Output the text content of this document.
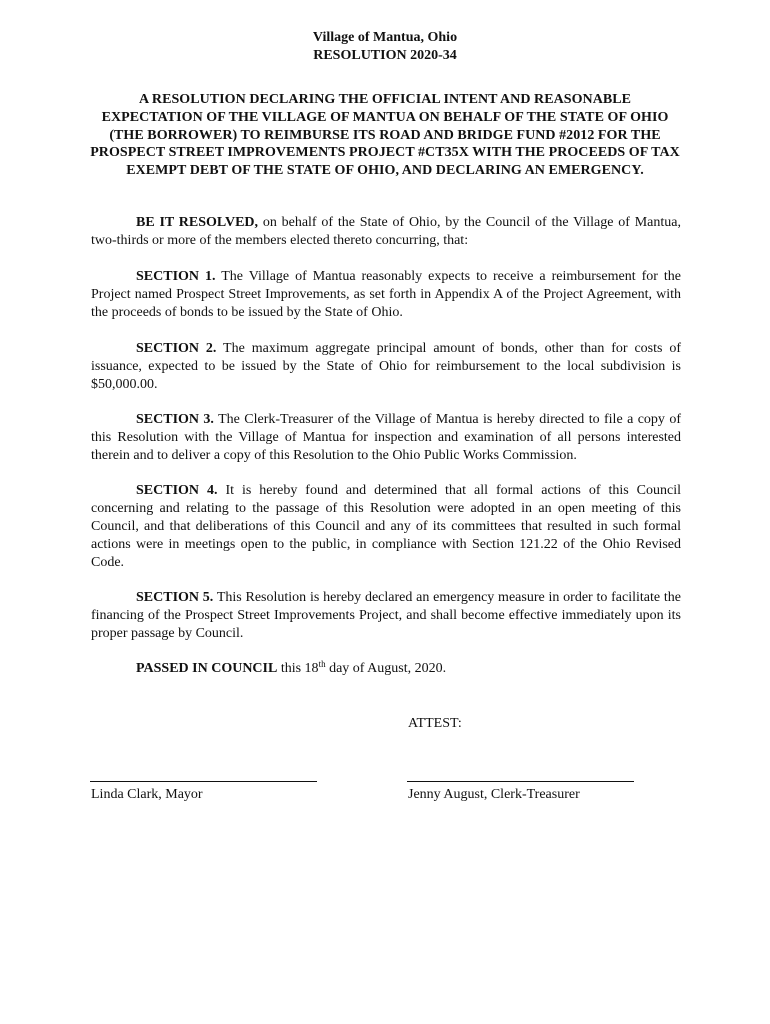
Village of Mantua, Ohio
RESOLUTION 2020-34
A RESOLUTION DECLARING THE OFFICIAL INTENT AND REASONABLE EXPECTATION OF THE VILLAGE OF MANTUA ON BEHALF OF THE STATE OF OHIO (THE BORROWER) TO REIMBURSE ITS ROAD AND BRIDGE FUND #2012 FOR THE PROSPECT STREET IMPROVEMENTS PROJECT #CT35X WITH THE PROCEEDS OF TAX EXEMPT DEBT OF THE STATE OF OHIO, AND DECLARING AN EMERGENCY.

BE IT RESOLVED, on behalf of the State of Ohio, by the Council of the Village of Mantua, two-thirds or more of the members elected thereto concurring, that:

SECTION 1. The Village of Mantua reasonably expects to receive a reimbursement for the Project named Prospect Street Improvements, as set forth in Appendix A of the Project Agreement, with the proceeds of bonds to be issued by the State of Ohio.

SECTION 2. The maximum aggregate principal amount of bonds, other than for costs of issuance, expected to be issued by the State of Ohio for reimbursement to the local subdivision is $50,000.00.

SECTION 3. The Clerk-Treasurer of the Village of Mantua is hereby directed to file a copy of this Resolution with the Village of Mantua for inspection and examination of all persons interested therein and to deliver a copy of this Resolution to the Ohio Public Works Commission.

SECTION 4. It is hereby found and determined that all formal actions of this Council concerning and relating to the passage of this Resolution were adopted in an open meeting of this Council, and that deliberations of this Council and any of its committees that resulted in such formal actions were in meetings open to the public, in compliance with Section 121.22 of the Ohio Revised Code.

SECTION 5. This Resolution is hereby declared an emergency measure in order to facilitate the financing of the Prospect Street Improvements Project, and shall become effective immediately upon its proper passage by Council.

PASSED IN COUNCIL this 18th day of August, 2020.

ATTEST:
Linda Clark, Mayor	Jenny August, Clerk-Treasurer
